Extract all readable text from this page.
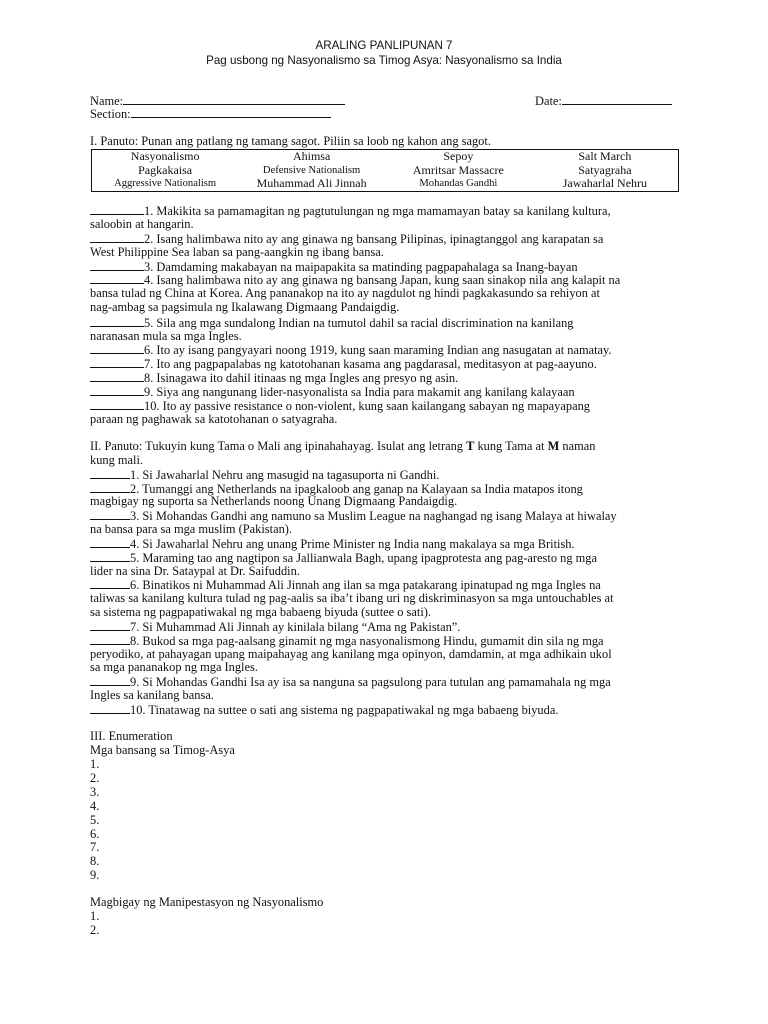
ARALING PANLIPUNAN 7
Pag usbong ng Nasyonalismo sa Timog Asya: Nasyonalismo sa India
Name:	Date:
Section:
I. Panuto: Punan ang patlang ng tamang sagot. Piliin sa loob ng kahon ang sagot.
Nasyonalismo	Ahimsa	Sepoy	Salt March
Pagkakaisa	Defensive Nationalism	Amritsar Massacre	Satyagraha
Aggressive Nationalism	Muhammad Ali Jinnah	Mohandas Gandhi	Jawaharlal Nehru
1. Makikita sa pamamagitan ng pagtutulungan ng mga mamamayan batay sa kanilang kultura,
saloobin at hangarin.
2. Isang halimbawa nito ay ang ginawa ng bansang Pilipinas, ipinagtanggol ang karapatan sa
West Philippine Sea laban sa pang-aangkin ng ibang bansa.
3. Damdaming makabayan na maipapakita sa matinding pagpapahalaga sa Inang-bayan
4. Isang halimbawa nito ay ang ginawa ng bansang Japan, kung saan sinakop nila ang kalapit na
bansa tulad ng China at Korea. Ang pananakop na ito ay nagdulot ng hindi pagkakasundo sa rehiyon at
nag-ambag sa pagsimula ng Ikalawang Digmaang Pandaigdig.
5. Sila ang mga sundalong Indian na tumutol dahil sa racial discrimination na kanilang
naranasan mula sa mga Ingles.
6. Ito ay isang pangyayari noong 1919, kung saan maraming Indian ang nasugatan at namatay.
7. Ito ang pagpapalabas ng katotohanan kasama ang pagdarasal, meditasyon at pag-aayuno.
8. Isinagawa ito dahil itinaas ng mga Ingles ang presyo ng asin.
9. Siya ang nangunang lider-nasyonalista sa India para makamit ang kanilang kalayaan
10. Ito ay passive resistance o non-violent, kung saan kailangang sabayan ng mapayapang
paraan ng paghawak sa katotohanan o satyagraha.
II. Panuto: Tukuyin kung Tama o Mali ang ipinahahayag. Isulat ang letrang T kung Tama at M naman
kung mali.
1. Si Jawaharlal Nehru ang masugid na tagasuporta ni Gandhi.
2. Tumanggi ang Netherlands na ipagkaloob ang ganap na Kalayaan sa India matapos itong
magbigay ng suporta sa Netherlands noong Unang Digmaang Pandaigdig.
3. Si Mohandas Gandhi ang namuno sa Muslim League na naghangad ng isang Malaya at hiwalay
na bansa para sa mga muslim (Pakistan).
4. Si Jawaharlal Nehru ang unang Prime Minister ng India nang makalaya sa mga British.
5. Maraming tao ang nagtipon sa Jallianwala Bagh, upang ipagprotesta ang pag-aresto ng mga
lider na sina Dr. Sataypal at Dr. Saifuddin.
6. Binatikos ni Muhammad Ali Jinnah ang ilan sa mga patakarang ipinatupad ng mga Ingles na
taliwas sa kanilang kultura tulad ng pag-aalis sa iba’t ibang uri ng diskriminasyon sa mga untouchables at
sa sistema ng pagpapatiwakal ng mga babaeng biyuda (suttee o sati).
7. Si Muhammad Ali Jinnah ay kinilala bilang “Ama ng Pakistan”.
8. Bukod sa mga pag-aalsang ginamit ng mga nasyonalismong Hindu, gumamit din sila ng mga
peryodiko, at pahayagan upang maipahayag ang kanilang mga opinyon, damdamin, at mga adhikain ukol
sa mga pananakop ng mga Ingles.
9. Si Mohandas Gandhi Isa ay isa sa nanguna sa pagsulong para tutulan ang pamamahala ng mga
Ingles sa kanilang bansa.
10. Tinatawag na suttee o sati ang sistema ng pagpapatiwakal ng mga babaeng biyuda.
III. Enumeration
Mga bansang sa Timog-Asya
1.
2.
3.
4.
5.
6.
7.
8.
9.
Magbigay ng Manipestasyon ng Nasyonalismo
1.
2.
